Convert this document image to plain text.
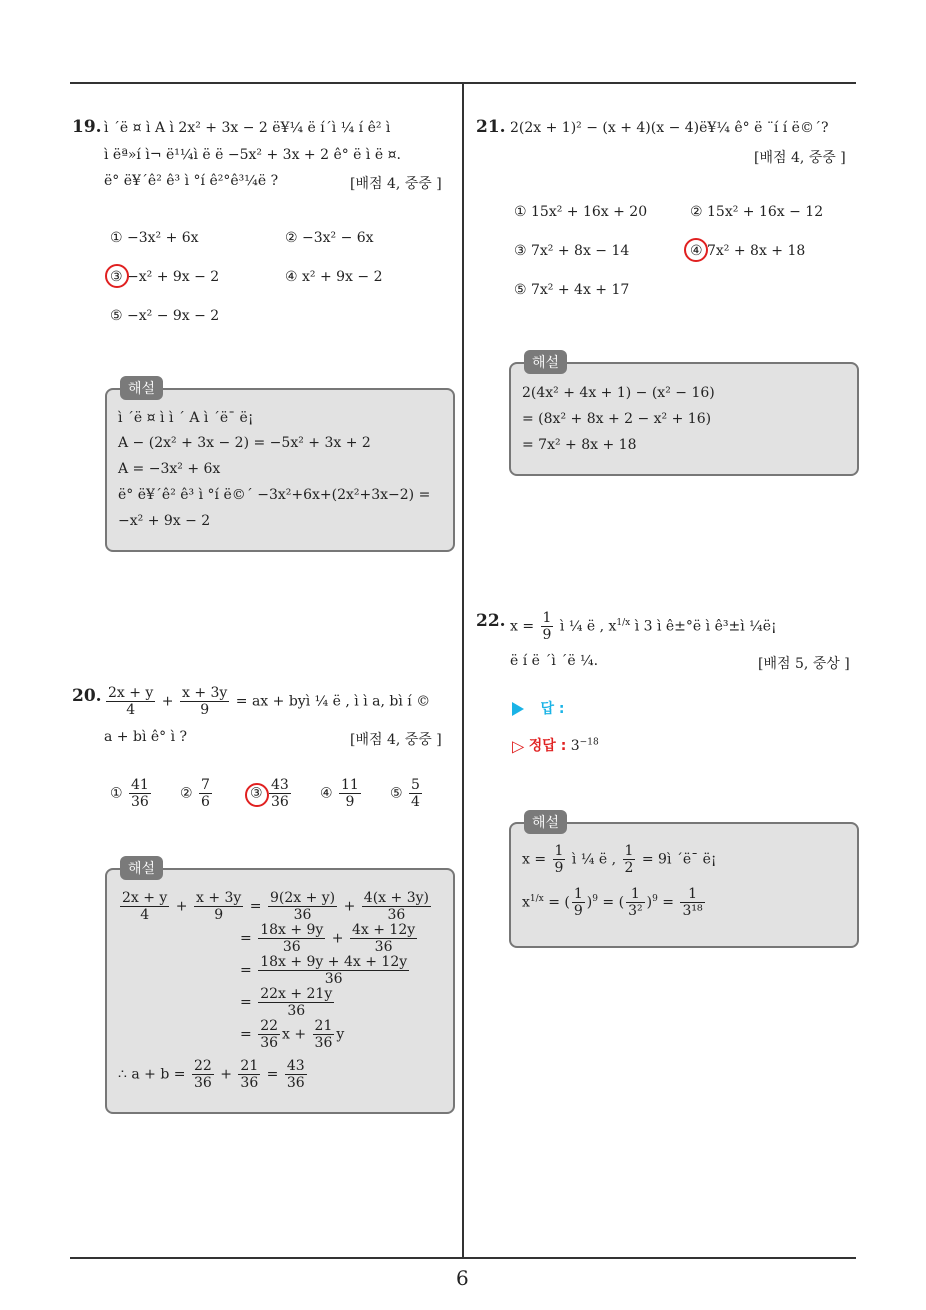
19. ì ´ë ¤ ì A ì 2x² + 3x − 2 ë¥¼ ë í´ì ¼ í ê² ì
ì ëª»í ì¬ ë¹¼ì ë ë −5x² + 3x + 2 ê° ë ì ë ¤.
ë° ë¥´ê² ê³ ì °í ê²°ê³¼ë ?	[배점 4, 중중 ]
① −3x² + 6x	② −3x² − 6x
③ −x² + 9x − 2	④ x² + 9x − 2
⑤ −x² − 9x − 2
해설
ì ´ë ¤ ì ì ´ A ì ´ë¯ ë¡
A − (2x² + 3x − 2) = −5x² + 3x + 2
A = −3x² + 6x
ë° ë¥´ê² ê³ ì °í ë©´ −3x²+6x+(2x²+3x−2) =
−x² + 9x − 2
20. $\frac{2x + y}{4} + \frac{x + 3y}{9}$ = ax + byì ¼ ë , ì ì a, bì í ©
a + bì ê° ì ?	[배점 4, 중중 ]
① $\frac{41}{36}$ ② $\frac{7}{6}$	③ $\frac{43}{36}$ ④ $\frac{11}{9}$ ⑤ $\frac{5}{4}$
해설
$\frac{2x + y}{4} + \frac{x + 3y}{9} = \frac{9(2x + y)}{36} + \frac{4(x + 3y)}{36}$
= $\frac{18x + 9y}{36} + \frac{4x + 12y}{36}$
= $\frac{18x + 9y + 4x + 12y}{36}$
= $\frac{22x + 21y}{36}$
= $\frac{22}{36}$ $x + \frac{21}{36}$ y
∴ $a + b = \frac{22}{36} + \frac{21}{36} = \frac{43}{36}$
21. 2(2x + 1)² − (x + 4)(x − 4)ë¥¼ ê° ë ¨í í ë©´?
[배점 4, 중중 ]
① 15x² + 16x + 20	② 15x² + 16x − 12
③ 7x² + 8x − 14	④ 7x² + 8x + 18
⑤ 7x² + 4x + 17
해설
2(4x² + 4x + 1) − (x² − 16)
= (8x² + 8x + 2 − x² + 16)
= 7x² + 8x + 18
22. $x = \frac{1}{9}$ ì ¼ ë , $x^{1/x}$ ì 3 ì ê±°ë ì ê³±ì ¼ë¡
ë í ë ´ì ´ë ¼.	[배점 5, 중상 ]
답 :
▷ 정답 : $3^{-18}$
해설
$x = \frac{1}{9}$ ì ¼ ë , $\frac{1}{2}$ = 9ì ´ë¯ ë¡
$x^{1/x}$ = ( $\frac{1}{9} )^9$ = ( $\frac{1}{\text{3²}} )^9 = \frac{1}{\text{3¹⁸}}$
6
